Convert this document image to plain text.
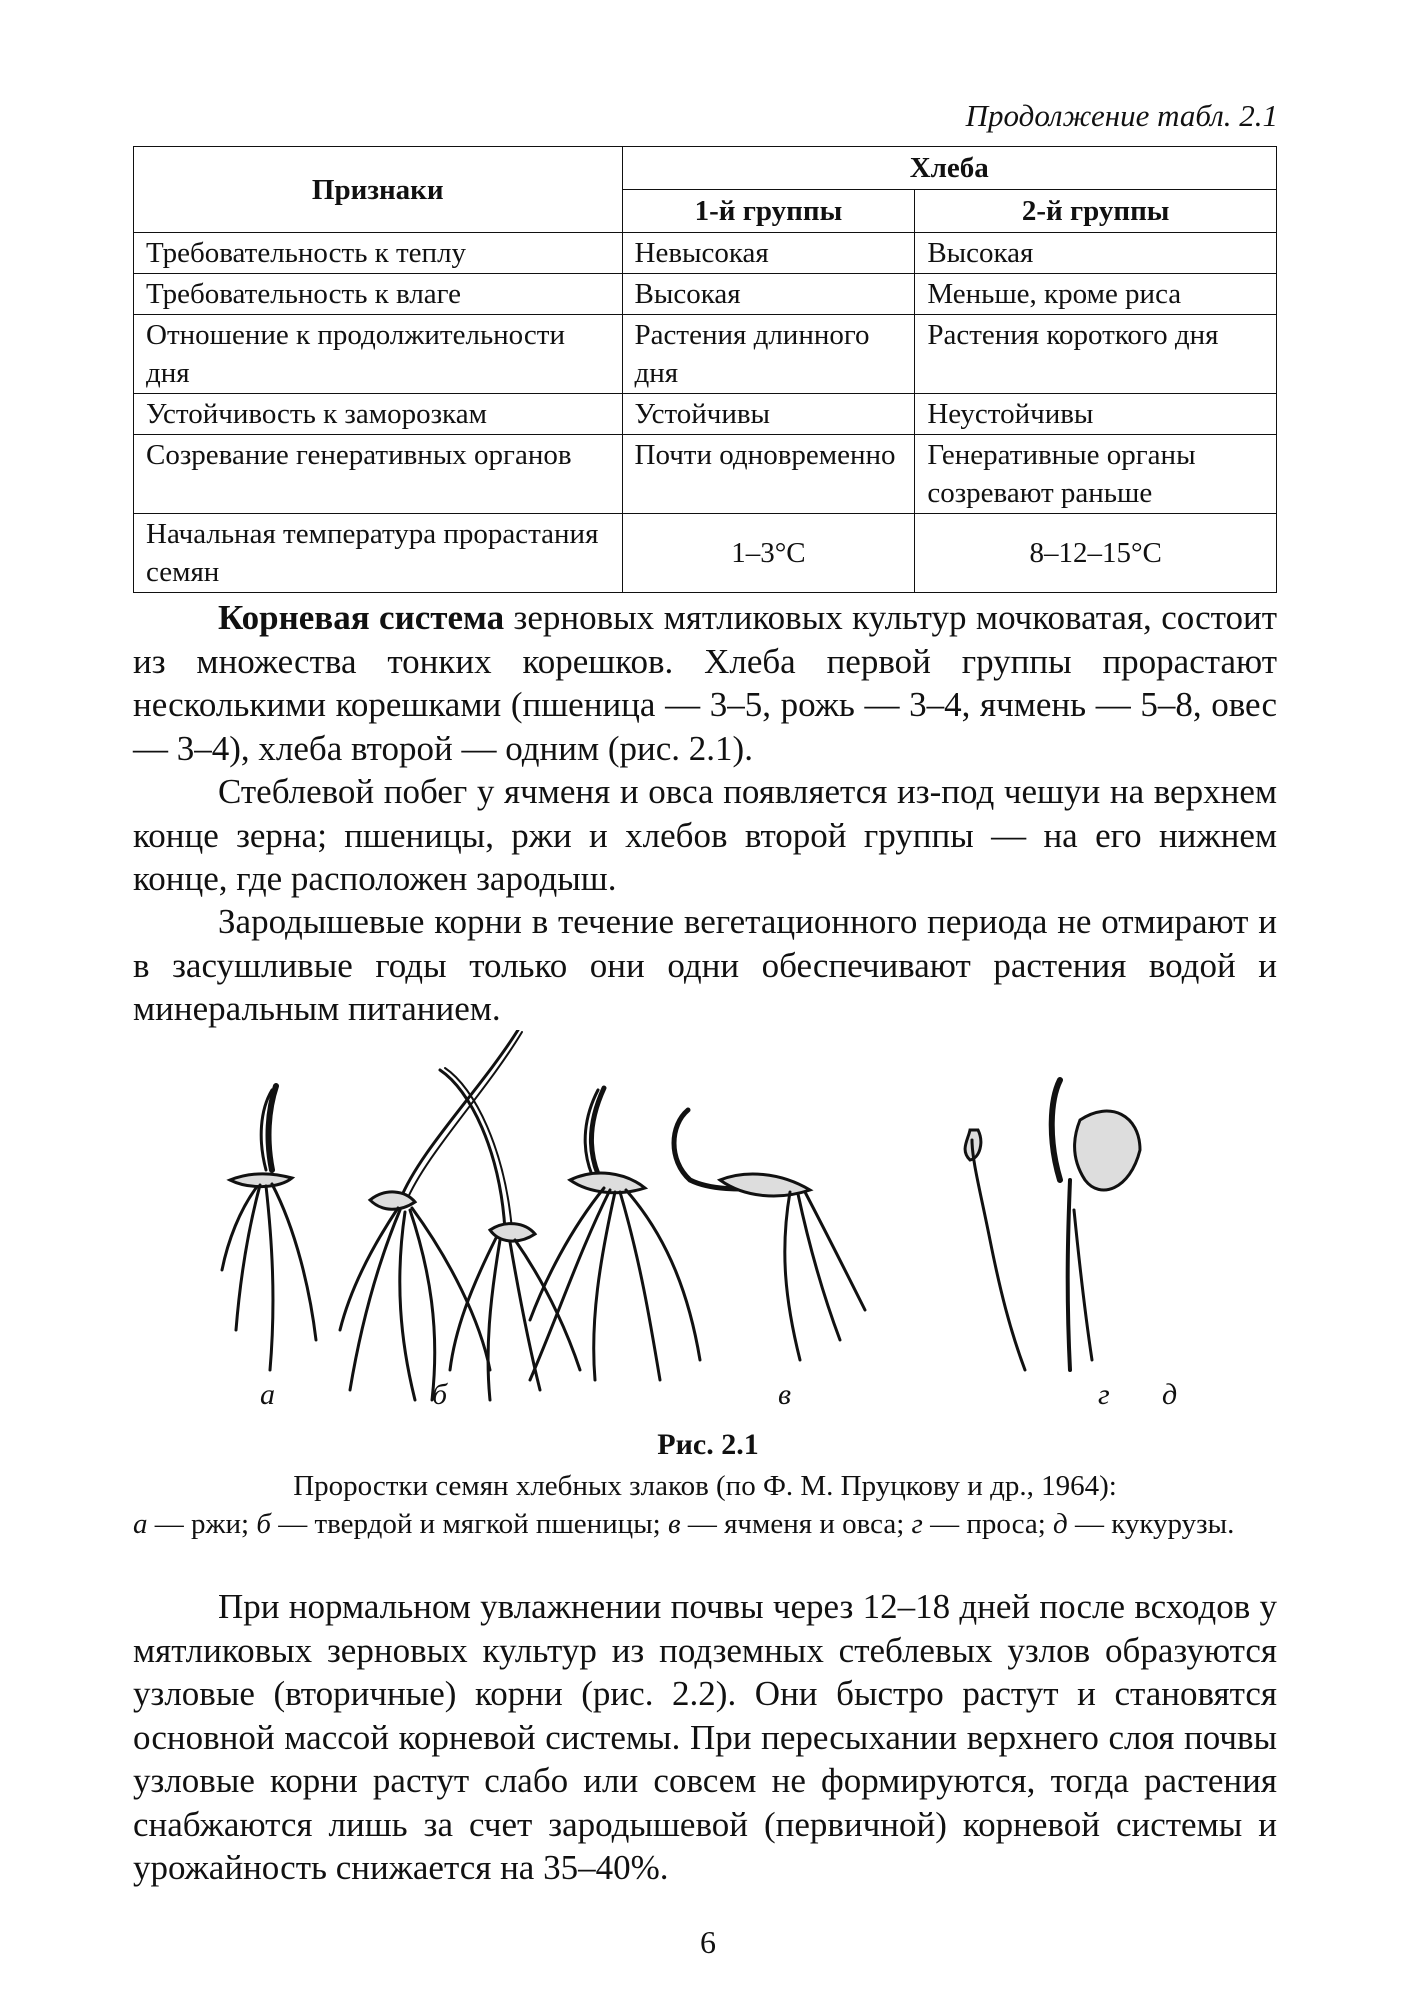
Продолжение табл. 2.1
Признаки	Хлеба	
	1-й группы	2-й группы
Требовательность к теплу	Невысокая	Высокая
Требовательность к влаге	Высокая	Меньше, кроме риса
Отношение к продолжительности дня	Растения длинного дня	Растения короткого дня
Устойчивость к заморозкам	Устойчивы	Неустойчивы
Созревание генеративных органов	Почти одновременно	Генеративные органы созревают раньше
Начальная температура прорастания семян	1–3°С	8–12–15°С

Корневая система зерновых мятликовых культур мочковатая, состоит из множества тонких корешков. Хлеба первой группы прорастают несколькими корешками (пшеница — 3–5, рожь — 3–4, ячмень — 5–8, овес — 3–4), хлеба второй — одним (рис. 2.1).

Стеблевой побег у ячменя и овса появляется из-под чешуи на верхнем конце зерна; пшеницы, ржи и хлебов второй группы — на его нижнем конце, где расположен зародыш.

Зародышевые корни в течение вегетационного периода не отмирают и в засушливые годы только они одни обеспечивают растения водой и минеральным питанием.

а	б	в	г д
Рис. 2.1

Проростки семян хлебных злаков (по Ф. М. Пруцкову и др., 1964):

а — ржи; б — твердой и мягкой пшеницы; в — ячменя и овса; г — проса; д — кукурузы.

При нормальном увлажнении почвы через 12–18 дней после всходов у мятликовых зерновых культур из подземных стеблевых узлов образуются узловые (вторичные) корни (рис. 2.2). Они быстро растут и становятся основной массой корневой системы. При пересыхании верхнего слоя почвы узловые корни растут слабо или совсем не формируются, тогда растения снабжаются лишь за счет зародышевой (первичной) корневой системы и урожайность снижается на 35–40%.

6
